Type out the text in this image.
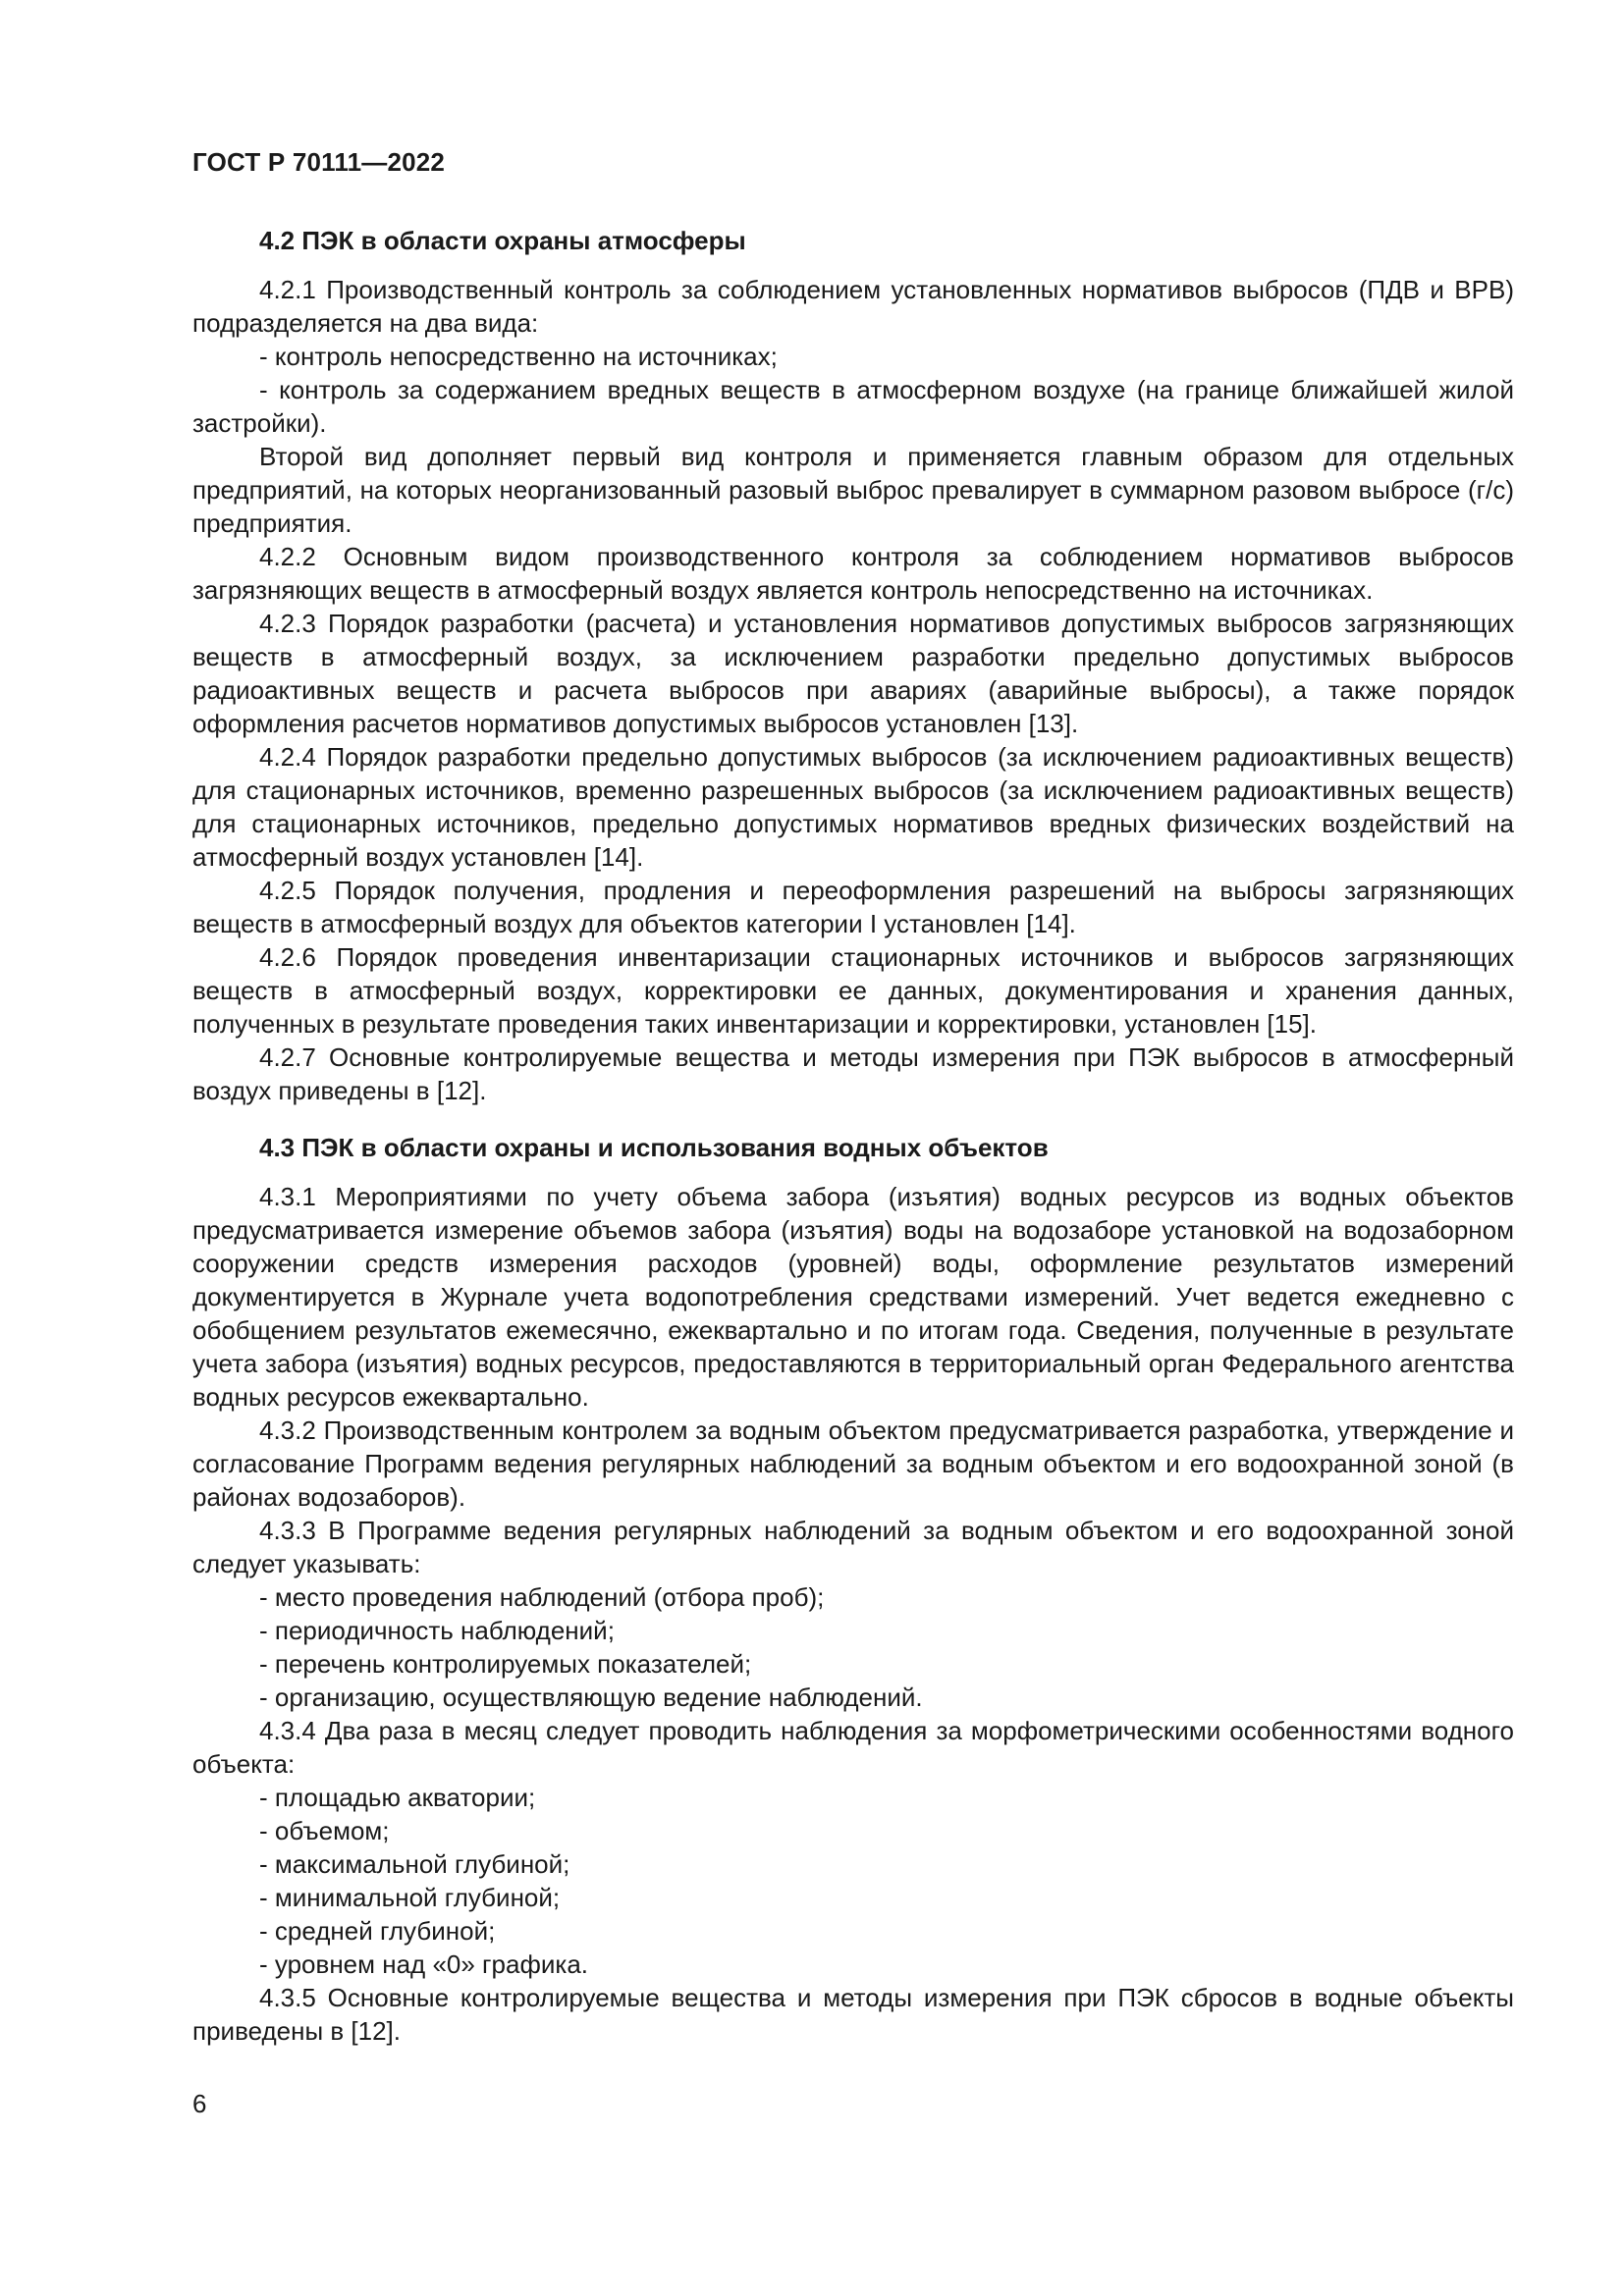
ГОСТ Р 70111—2022
4.2 ПЭК в области охраны атмосферы

4.2.1 Производственный контроль за соблюдением установленных нормативов выбросов (ПДВ и ВРВ) подразделяется на два вида:

- контроль непосредственно на источниках;

- контроль за содержанием вредных веществ в атмосферном воздухе (на границе ближайшей жилой застройки).

Второй вид дополняет первый вид контроля и применяется главным образом для отдельных предприятий, на которых неорганизованный разовый выброс превалирует в суммарном разовом выбросе (г/с) предприятия.

4.2.2 Основным видом производственного контроля за соблюдением нормативов выбросов загрязняющих веществ в атмосферный воздух является контроль непосредственно на источниках.

4.2.3 Порядок разработки (расчета) и установления нормативов допустимых выбросов загрязняющих веществ в атмосферный воздух, за исключением разработки предельно допустимых выбросов радиоактивных веществ и расчета выбросов при авариях (аварийные выбросы), а также порядок оформления расчетов нормативов допустимых выбросов установлен [13].

4.2.4 Порядок разработки предельно допустимых выбросов (за исключением радиоактивных веществ) для стационарных источников, временно разрешенных выбросов (за исключением радиоактивных веществ) для стационарных источников, предельно допустимых нормативов вредных физических воздействий на атмосферный воздух установлен [14].

4.2.5 Порядок получения, продления и переоформления разрешений на выбросы загрязняющих веществ в атмосферный воздух для объектов категории I установлен [14].

4.2.6 Порядок проведения инвентаризации стационарных источников и выбросов загрязняющих веществ в атмосферный воздух, корректировки ее данных, документирования и хранения данных, полученных в результате проведения таких инвентаризации и корректировки, установлен [15].

4.2.7 Основные контролируемые вещества и методы измерения при ПЭК выбросов в атмосферный воздух приведены в [12].

4.3 ПЭК в области охраны и использования водных объектов

4.3.1 Мероприятиями по учету объема забора (изъятия) водных ресурсов из водных объектов предусматривается измерение объемов забора (изъятия) воды на водозаборе установкой на водозаборном сооружении средств измерения расходов (уровней) воды, оформление результатов измерений документируется в Журнале учета водопотребления средствами измерений. Учет ведется ежедневно с обобщением результатов ежемесячно, ежеквартально и по итогам года. Сведения, полученные в результате учета забора (изъятия) водных ресурсов, предоставляются в территориальный орган Федерального агентства водных ресурсов ежеквартально.

4.3.2 Производственным контролем за водным объектом предусматривается разработка, утверждение и согласование Программ ведения регулярных наблюдений за водным объектом и его водоохранной зоной (в районах водозаборов).

4.3.3 В Программе ведения регулярных наблюдений за водным объектом и его водоохранной зоной следует указывать:

- место проведения наблюдений (отбора проб);

- периодичность наблюдений;

- перечень контролируемых показателей;

- организацию, осуществляющую ведение наблюдений.

4.3.4 Два раза в месяц следует проводить наблюдения за морфометрическими особенностями водного объекта:

- площадью акватории;

- объемом;

- максимальной глубиной;

- минимальной глубиной;

- средней глубиной;

- уровнем над «0» графика.

4.3.5 Основные контролируемые вещества и методы измерения при ПЭК сбросов в водные объекты приведены в [12].

6
